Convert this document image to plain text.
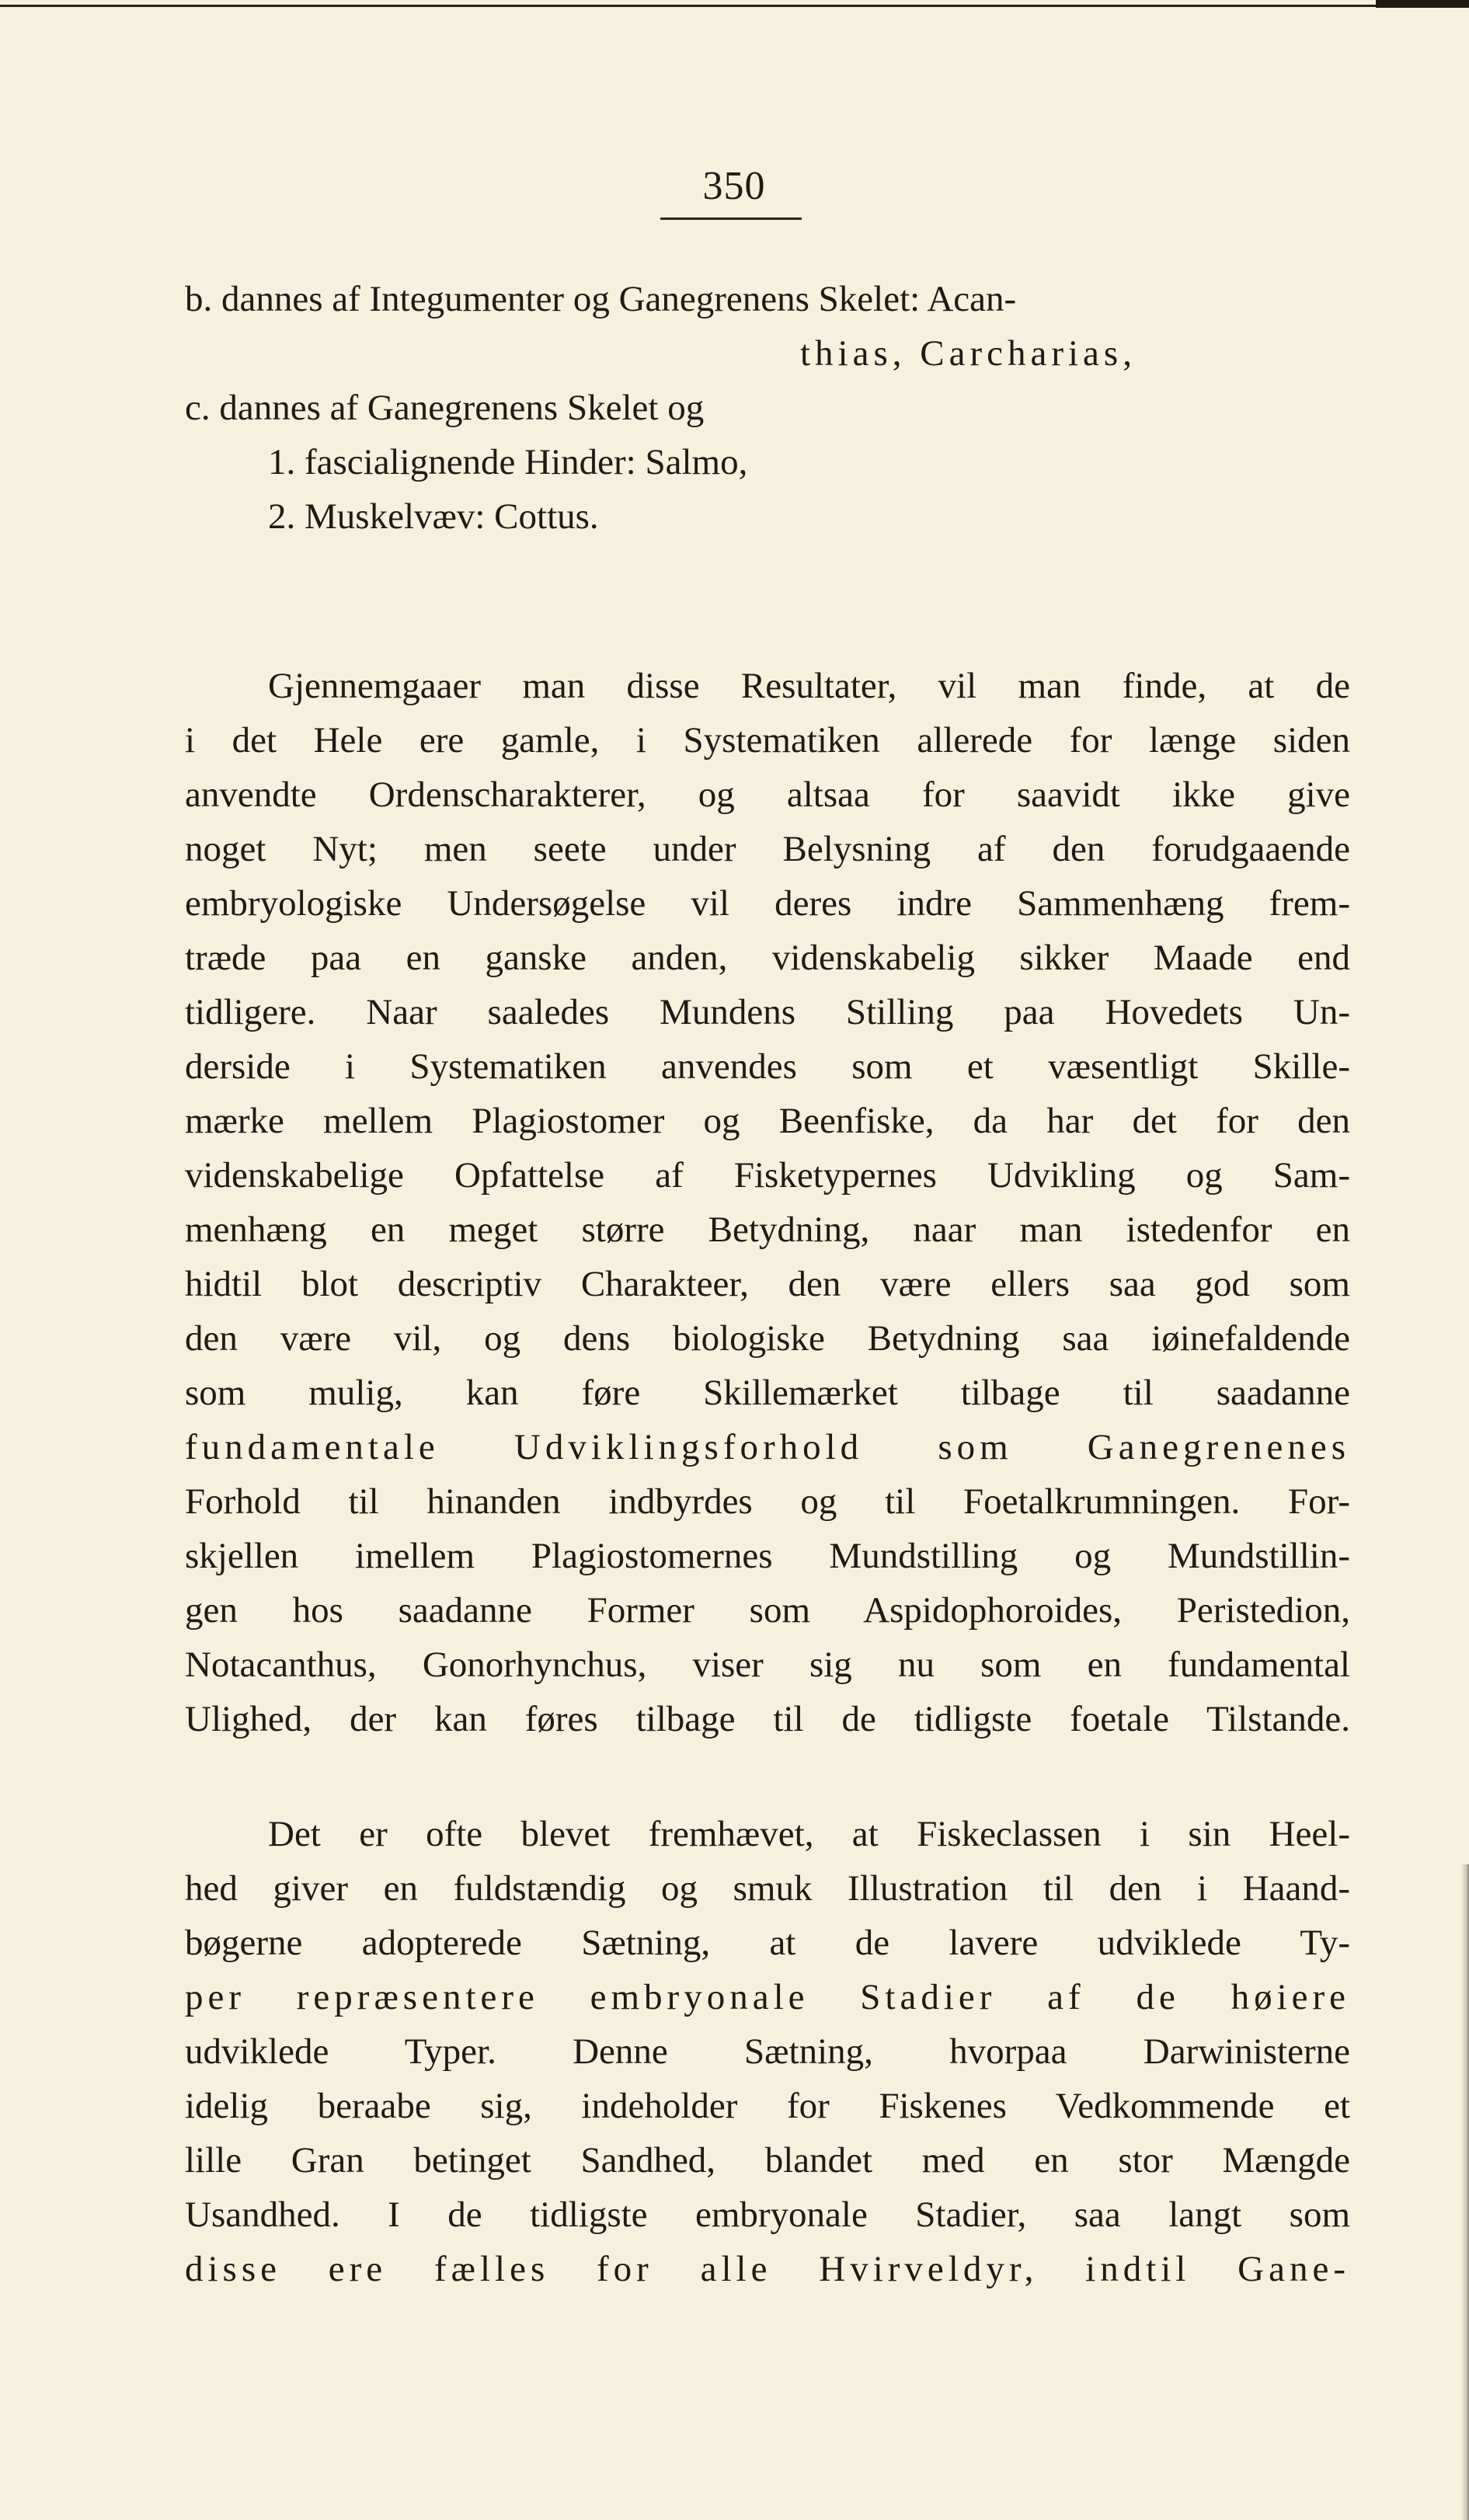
350
b. dannes af Integumenter og Ganegrenens Skelet: Acan-
thias, Carcharias,
c. dannes af Ganegrenens Skelet og
1. fascialignende Hinder: Salmo,
2. Muskelvæv: Cottus.
Gjennemgaaer man disse Resultater, vil man finde, at de
i det Hele ere gamle, i Systematiken allerede for længe siden
anvendte Ordenscharakterer, og altsaa for saavidt ikke give
noget Nyt; men seete under Belysning af den forudgaaende
embryologiske Undersøgelse vil deres indre Sammenhæng frem-
træde paa en ganske anden, videnskabelig sikker Maade end
tidligere. Naar saaledes Mundens Stilling paa Hovedets Un-
derside i Systematiken anvendes som et væsentligt Skille-
mærke mellem Plagiostomer og Beenfiske, da har det for den
videnskabelige Opfattelse af Fisketypernes Udvikling og Sam-
menhæng en meget større Betydning, naar man istedenfor en
hidtil blot descriptiv Charakteer, den være ellers saa god som
den være vil, og dens biologiske Betydning saa iøinefaldende
som mulig, kan føre Skillemærket tilbage til saadanne
fundamentale Udviklingsforhold som Ganegrenenes
Forhold til hinanden indbyrdes og til Foetalkrumningen. For-
skjellen imellem Plagiostomernes Mundstilling og Mundstillin-
gen hos saadanne Former som Aspidophoroides, Peristedion,
Notacanthus, Gonorhynchus, viser sig nu som en fundamental
Ulighed, der kan føres tilbage til de tidligste foetale Tilstande.
Det er ofte blevet fremhævet, at Fiskeclassen i sin Heel-
hed giver en fuldstændig og smuk Illustration til den i Haand-
bøgerne adopterede Sætning, at de lavere udviklede Ty-
per repræsentere embryonale Stadier af de høiere
udviklede Typer. Denne Sætning, hvorpaa Darwinisterne
idelig beraabe sig, indeholder for Fiskenes Vedkommende et
lille Gran betinget Sandhed, blandet med en stor Mængde
Usandhed. I de tidligste embryonale Stadier, saa langt som
disse ere fælles for alle Hvirveldyr, indtil Gane-
